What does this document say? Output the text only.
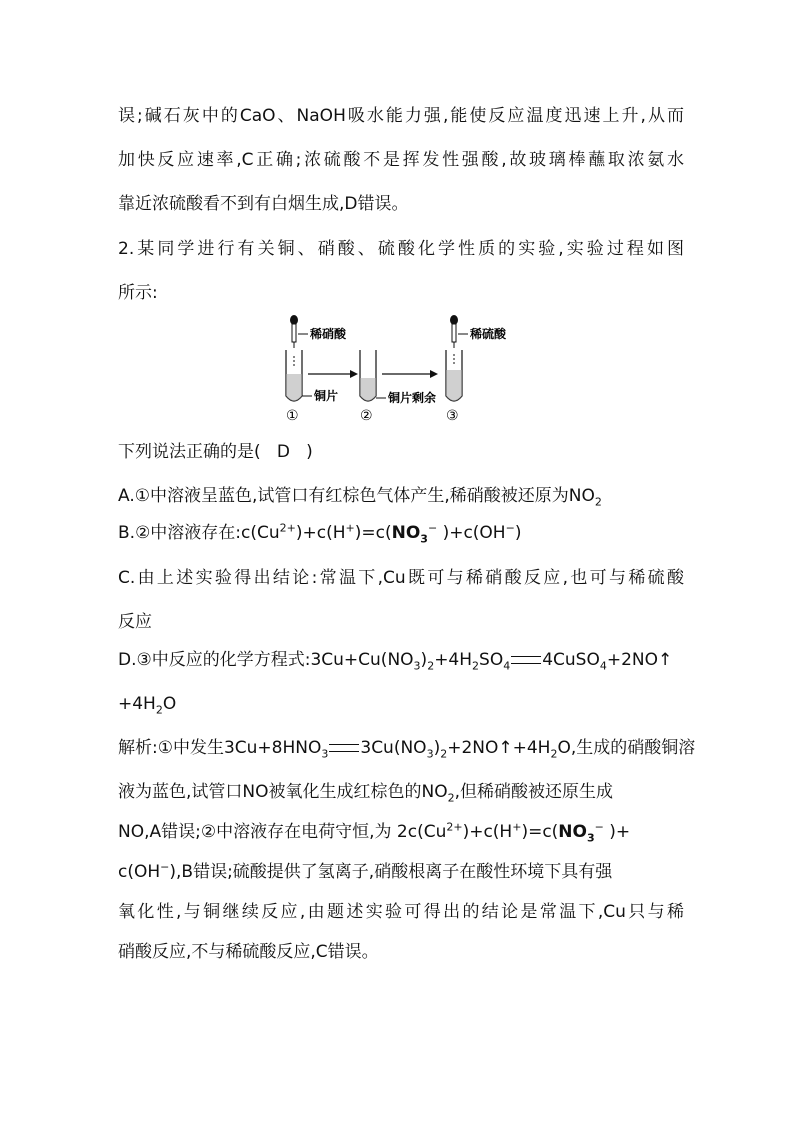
误;碱石灰中的CaO、NaOH吸水能力强,能使反应温度迅速上升,从而
加快反应速率,C正确;浓硫酸不是挥发性强酸,故玻璃棒蘸取浓氨水
靠近浓硫酸看不到有白烟生成,D错误。
2.某同学进行有关铜、硝酸、硫酸化学性质的实验,实验过程如图
所示:
稀硝酸
铜片
①
铜片剩余
②
稀硫酸
③
下列说法正确的是( D )
A.①中溶液呈蓝色,试管口有红棕色气体产生,稀硝酸被还原为$NO_2$
B.②中溶液存在$:c(Cu^{2+})+c(H^+)=c(NO_3^-$ )+c(OH−)
C.由上述实验得出结论:常温下,Cu既可与稀硝酸反应,也可与稀硫酸
反应
D.③中反应的化学方程式$:3Cu+Cu(NO_3)_2+4H_2SO_4$ 4CuSO$_4$+2NO↑
$+4H_2O$
解析:①中发生$3Cu+8HNO_3$ $3Cu(NO_3)_2+2NO↑+4H_2O$,生成的硝酸铜溶
液为蓝色,试管口NO被氧化生成红棕色的$NO_2$,但稀硝酸被还原生成
NO,A错误;②中溶液存在电荷守恒,为 $2c(Cu^{2+})+c(H^+)=c(NO_3^-$ )+
c(OH−),B错误;硫酸提供了氢离子,硝酸根离子在酸性环境下具有强
氧化性,与铜继续反应,由题述实验可得出的结论是常温下,Cu只与稀
硝酸反应,不与稀硫酸反应,C错误。
